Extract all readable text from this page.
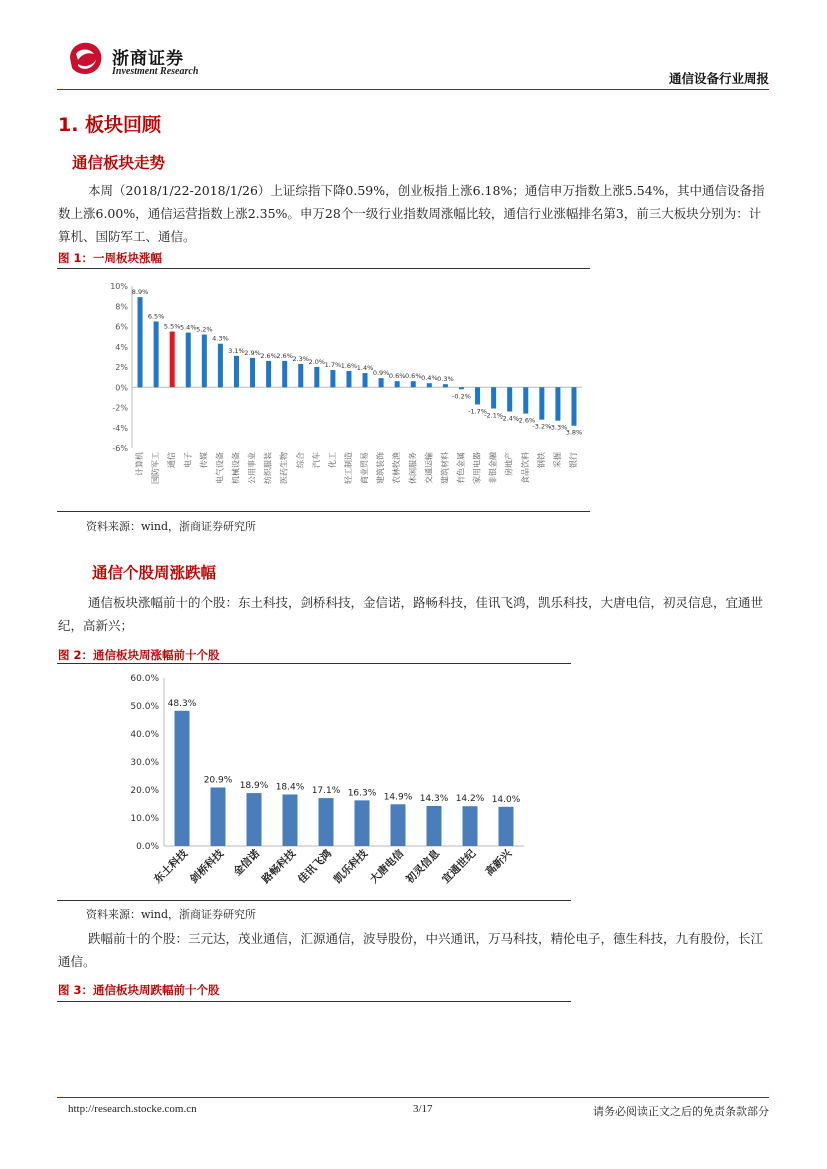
浙商证券
Investment Research	通信设备行业周报
1. 板块回顾
通信板块走势
本周（2018/1/22-2018/1/26）上证综指下降0.59%，创业板指上涨6.18%；通信申万指数上涨5.54%，其中通信设备指数上涨6.00%，通信运营指数上涨2.35%。申万28个一级行业指数周涨幅比较，通信行业涨幅排名第3，前三大板块分别为：计算机、国防军工、通信。
图 1：一周板块涨幅
10%
8%
6%
4%
2%
0%
-2%
-4%
-6%
8.9%
计算机
6.5%
国防军工
5.5%
通信
5.4%
电子
5.2%
传媒
4.3%
电气设备
3.1%
机械设备
2.9%
公用事业
2.6%
纺织服装
2.6%
医药生物
2.3%
综合
2.0%
汽车
1.7%
化工
1.6%
轻工制造
1.4%
商业贸易
0.9%
建筑装饰
0.6%
农林牧渔
0.6%
休闲服务
0.4%
交通运输
0.3%
建筑材料
-0.2%
有色金属
-1.7%
家用电器
-2.1%
非银金融
-2.4%
房地产
-2.6%
食品饮料
-3.2%
钢铁
-3.3%
采掘
3.8%
银行
资料来源：wind，浙商证券研究所
通信个股周涨跌幅
通信板块涨幅前十的个股：东土科技，剑桥科技，金信诺，路畅科技，佳讯飞鸿，凯乐科技，大唐电信，初灵信息，宜通世纪，高新兴；
图 2：通信板块周涨幅前十个股
60.0%
50.0%
40.0%
30.0%
20.0%
10.0%
0.0%
48.3%
东土科技
20.9%
剑桥科技
18.9%
金信诺
18.4%
路畅科技
17.1%
佳讯飞鸿
16.3%
凯乐科技
14.9%
大唐电信
14.3%
初灵信息
14.2%
宜通世纪
14.0%
高新兴
资料来源：wind，浙商证券研究所
跌幅前十的个股：三元达，茂业通信，汇源通信，波导股份，中兴通讯，万马科技，精伦电子，德生科技，九有股份，长江通信。
图 3：通信板块周跌幅前十个股
http://research.stocke.com.cn	3/17	请务必阅读正文之后的免责条款部分
